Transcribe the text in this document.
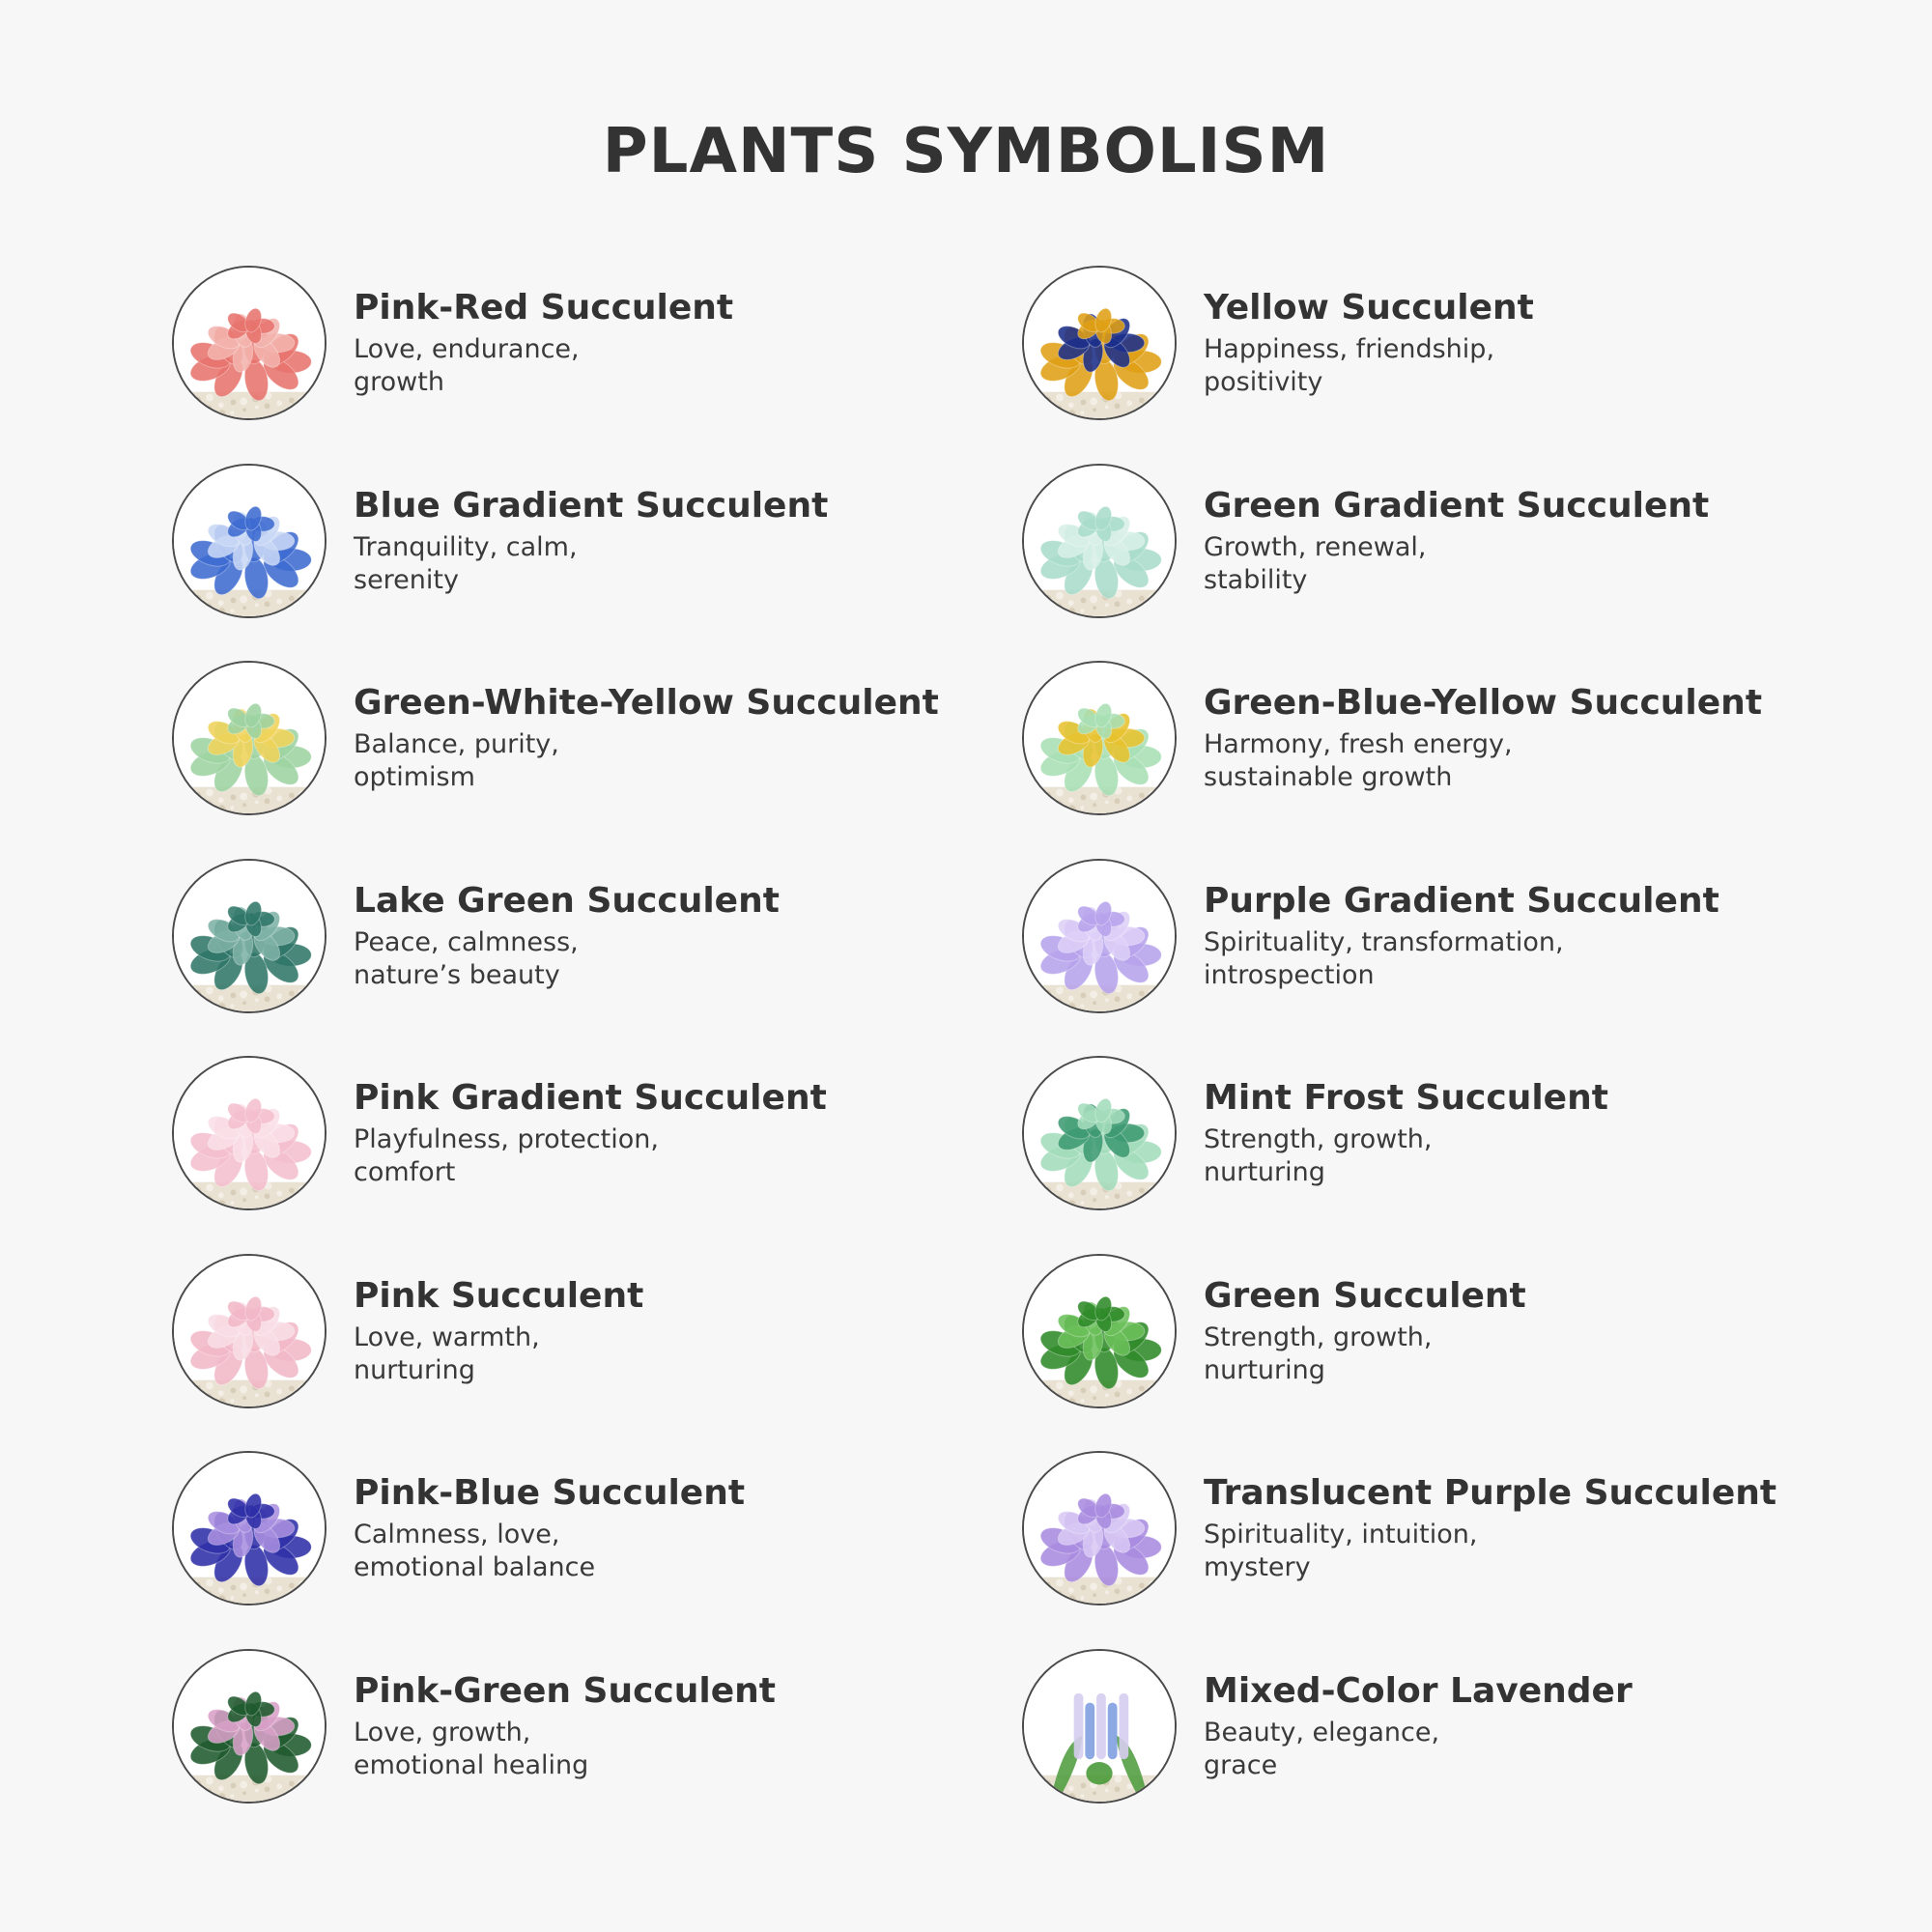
PLANTS SYMBOLISM
Pink-Red Succulent
Love, endurance,
growth
Yellow Succulent
Happiness, friendship,
positivity
Blue Gradient Succulent
Tranquility, calm,
serenity
Green Gradient Succulent
Growth, renewal,
stability
Green-White-Yellow Succulent
Balance, purity,
optimism
Green-Blue-Yellow Succulent
Harmony, fresh energy,
sustainable growth
Lake Green Succulent
Peace, calmness,
nature’s beauty
Purple Gradient Succulent
Spirituality, transformation,
introspection
Pink Gradient Succulent
Playfulness, protection,
comfort
Mint Frost Succulent
Strength, growth,
nurturing
Pink Succulent
Love, warmth,
nurturing
Green Succulent
Strength, growth,
nurturing
Pink-Blue Succulent
Calmness, love,
emotional balance
Translucent Purple Succulent
Spirituality, intuition,
mystery
Pink-Green Succulent
Love, growth,
emotional healing
Mixed-Color Lavender
Beauty, elegance,
grace
